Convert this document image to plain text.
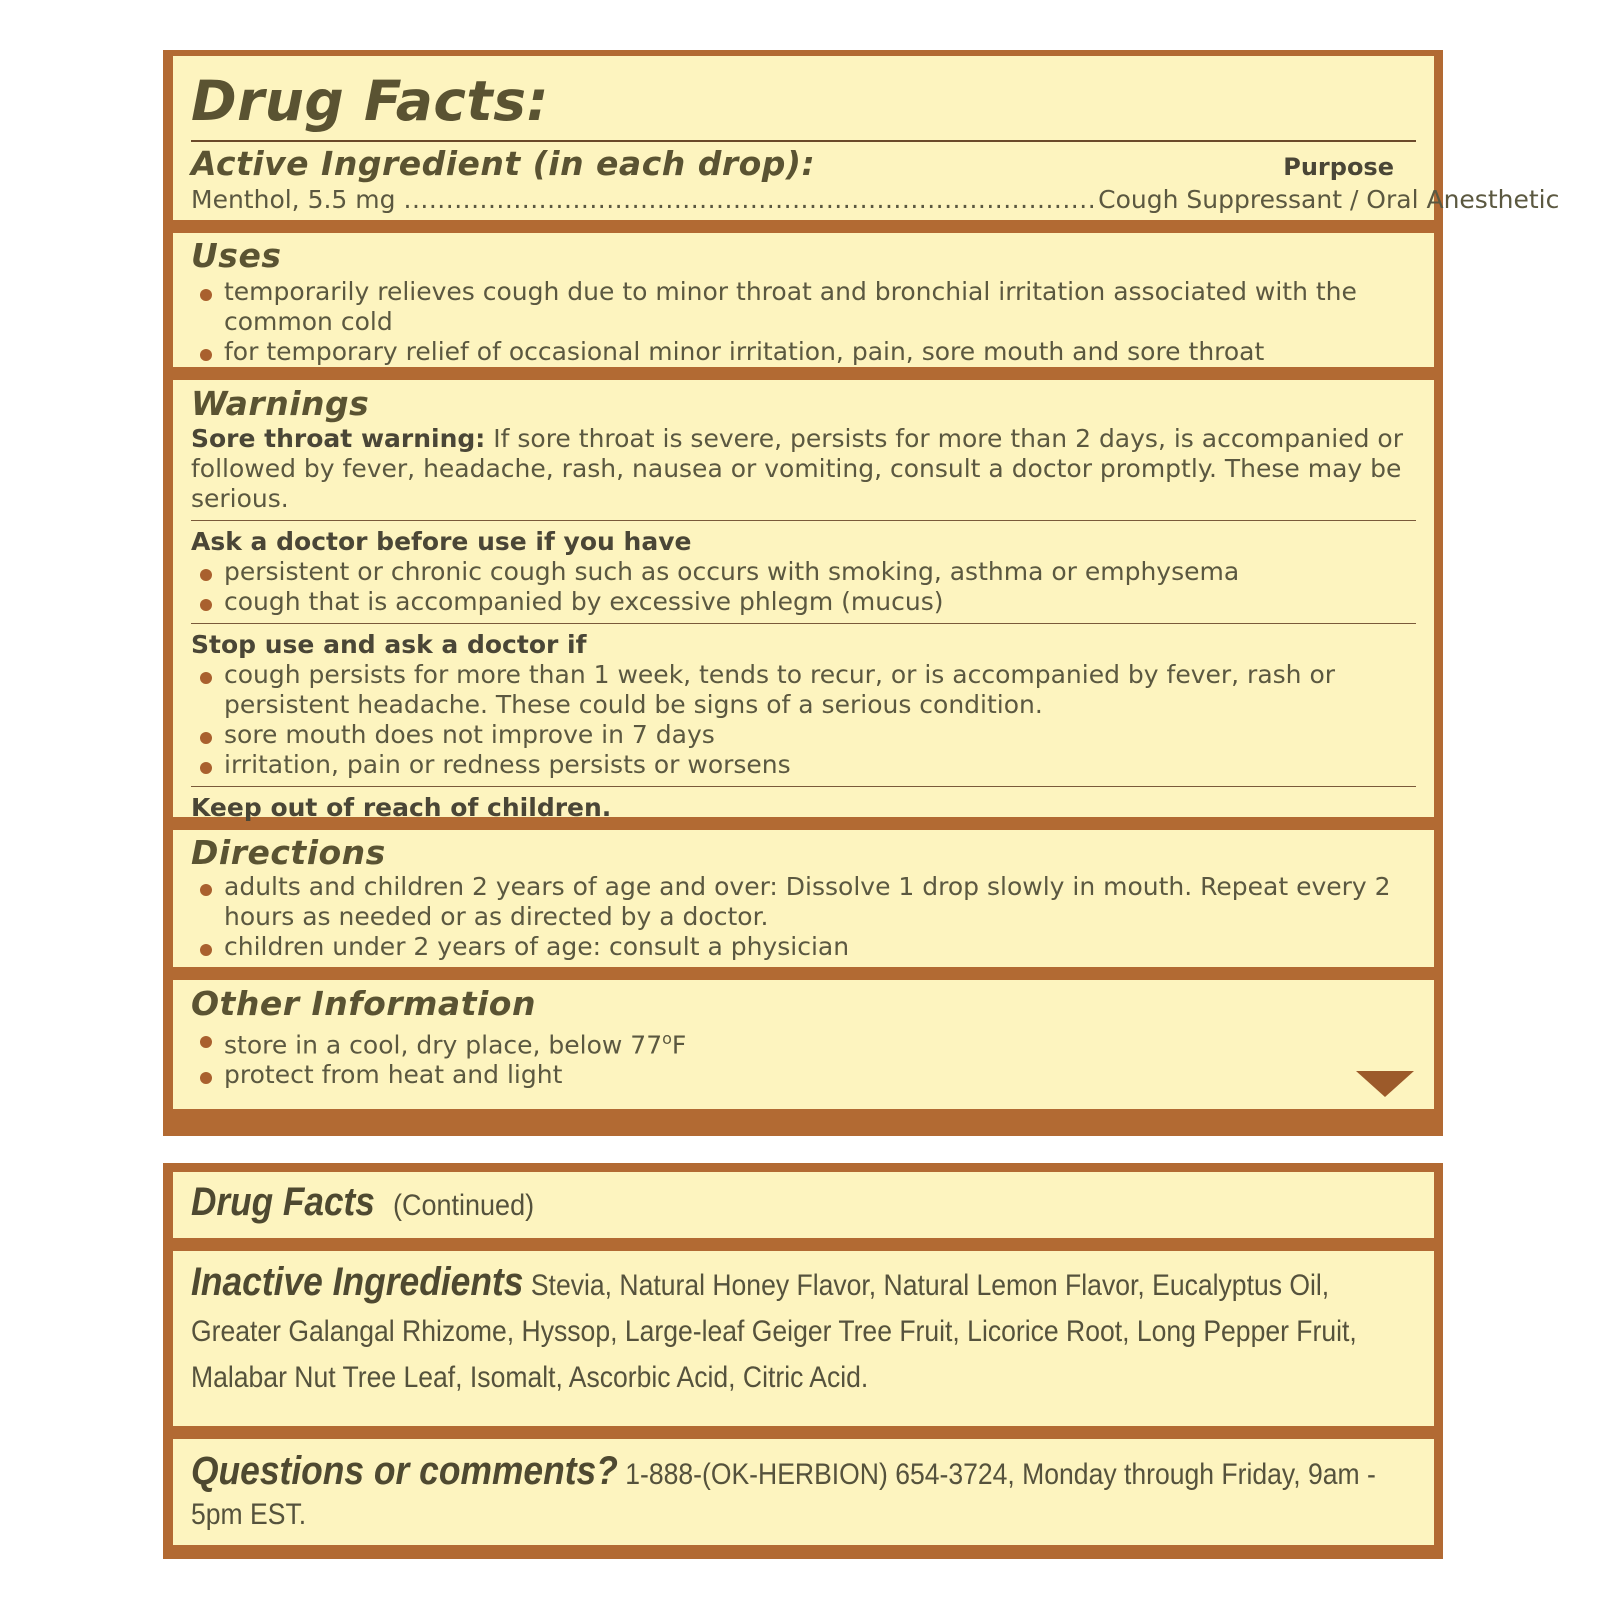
Drug Facts:
Active Ingredient (in each drop):	Purpose
Menthol, 5.5 mg .................................................................................. Cough Suppressant / Oral Anesthetic
Uses
temporarily relieves cough due to minor throat and bronchial irritation associated with the common cold
for temporary relief of occasional minor irritation, pain, sore mouth and sore throat
Warnings
Sore throat warning: If sore throat is severe, persists for more than 2 days, is accompanied or followed by fever, headache, rash, nausea or vomiting, consult a doctor promptly. These may be serious.
Ask a doctor before use if you have
persistent or chronic cough such as occurs with smoking, asthma or emphysema
cough that is accompanied by excessive phlegm (mucus)
Stop use and ask a doctor if
cough persists for more than 1 week, tends to recur, or is accompanied by fever, rash or persistent headache. These could be signs of a serious condition.
sore mouth does not improve in 7 days
irritation, pain or redness persists or worsens
Keep out of reach of children.
Directions
adults and children 2 years of age and over: Dissolve 1 drop slowly in mouth. Repeat every 2 hours as needed or as directed by a doctor.
children under 2 years of age: consult a physician
Other Information
store in a cool, dry place, below 77$^o$F
protect from heat and light
Drug Facts (Continued)
Inactive Ingredients Stevia, Natural Honey Flavor, Natural Lemon Flavor, Eucalyptus Oil, Greater Galangal Rhizome, Hyssop, Large-leaf Geiger Tree Fruit, Licorice Root, Long Pepper Fruit, Malabar Nut Tree Leaf, Isomalt, Ascorbic Acid, Citric Acid.
Questions or comments? 1-888-(OK-HERBION) 654-3724, Monday through Friday, 9am - 5pm EST.
